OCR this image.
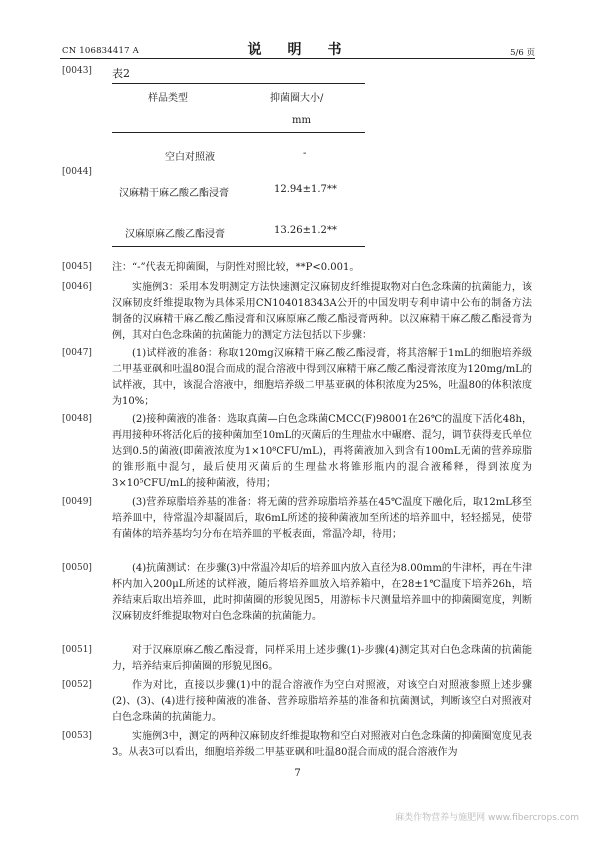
CN 106834417 A	说　明　书	5/6 页
[0043] 表2
样品类型	抑菌圈大小/
mm
空白对照液	-
[0044]
汉麻精干麻乙酸乙酯浸膏	12.94±1.7**
汉麻原麻乙酸乙酯浸膏	13.26±1.2**
[0045] 注：“-”代表无抑菌圈，与阴性对照比较，**P<0.001。
[0046]	实施例3：采用本发明测定方法快速测定汉麻韧皮纤维提取物对白色念珠菌的抗菌能力，该汉麻韧皮纤维提取物为具体采用CN104018343A公开的中国发明专利申请中公布的制备方法制备的汉麻精干麻乙酸乙酯浸膏和汉麻原麻乙酸乙酯浸膏两种。以汉麻精干麻乙酸乙酯浸膏为例，其对白色念珠菌的抗菌能力的测定方法包括以下步骤：
[0047]	(1)试样液的准备：称取120mg汉麻精干麻乙酸乙酯浸膏，将其溶解于1mL的细胞培养级二甲基亚砜和吐温80混合而成的混合溶液中得到汉麻精干麻乙酸乙酯浸膏浓度为120mg/mL的试样液，其中，该混合溶液中，细胞培养级二甲基亚砜的体积浓度为25%，吐温80的体积浓度为10%；
[0048]	(2)接种菌液的准备：选取真菌—白色念珠菌CMCC(F)98001在26℃的温度下活化48h，再用接种环将活化后的接种菌加至10mL的灭菌后的生理盐水中碾磨、混匀，调节获得麦氏单位达到0.5的菌液(即菌液浓度为1×10⁸CFU/mL)，再将菌液加入到含有100mL无菌的营养琼脂的锥形瓶中混匀，最后使用灭菌后的生理盐水将锥形瓶内的混合液稀释，得到浓度为3×10⁵CFU/mL的接种菌液，待用；
[0049]	(3)营养琼脂培养基的准备：将无菌的营养琼脂培养基在45℃温度下融化后，取12mL移至培养皿中，待常温冷却凝固后，取6mL所述的接种菌液加至所述的培养皿中，轻轻摇晃，使带有菌体的培养基均匀分布在培养皿的平板表面，常温冷却，待用；
[0050]	(4)抗菌测试：在步骤(3)中常温冷却后的培养皿内放入直径为8.00mm的牛津杯，再在牛津杯内加入200μL所述的试样液，随后将培养皿放入培养箱中，在28±1℃温度下培养26h，培养结束后取出培养皿，此时抑菌圈的形貌见图5，用游标卡尺测量培养皿中的抑菌圈宽度，判断汉麻韧皮纤维提取物对白色念珠菌的抗菌能力。
[0051]	对于汉麻原麻乙酸乙酯浸膏，同样采用上述步骤(1)-步骤(4)测定其对白色念珠菌的抗菌能力，培养结束后抑菌圈的形貌见图6。
[0052]	作为对比，直接以步骤(1)中的混合溶液作为空白对照液，对该空白对照液参照上述步骤(2)、(3)、(4)进行接种菌液的准备、营养琼脂培养基的准备和抗菌测试，判断该空白对照液对白色念珠菌的抗菌能力。
[0053]	实施例3中，测定的两种汉麻韧皮纤维提取物和空白对照液对白色念珠菌的抑菌圈宽度见表3。从表3可以看出，细胞培养级二甲基亚砜和吐温80混合而成的混合溶液作为
7
麻类作物营养与施肥网 www.fibercrops.com
